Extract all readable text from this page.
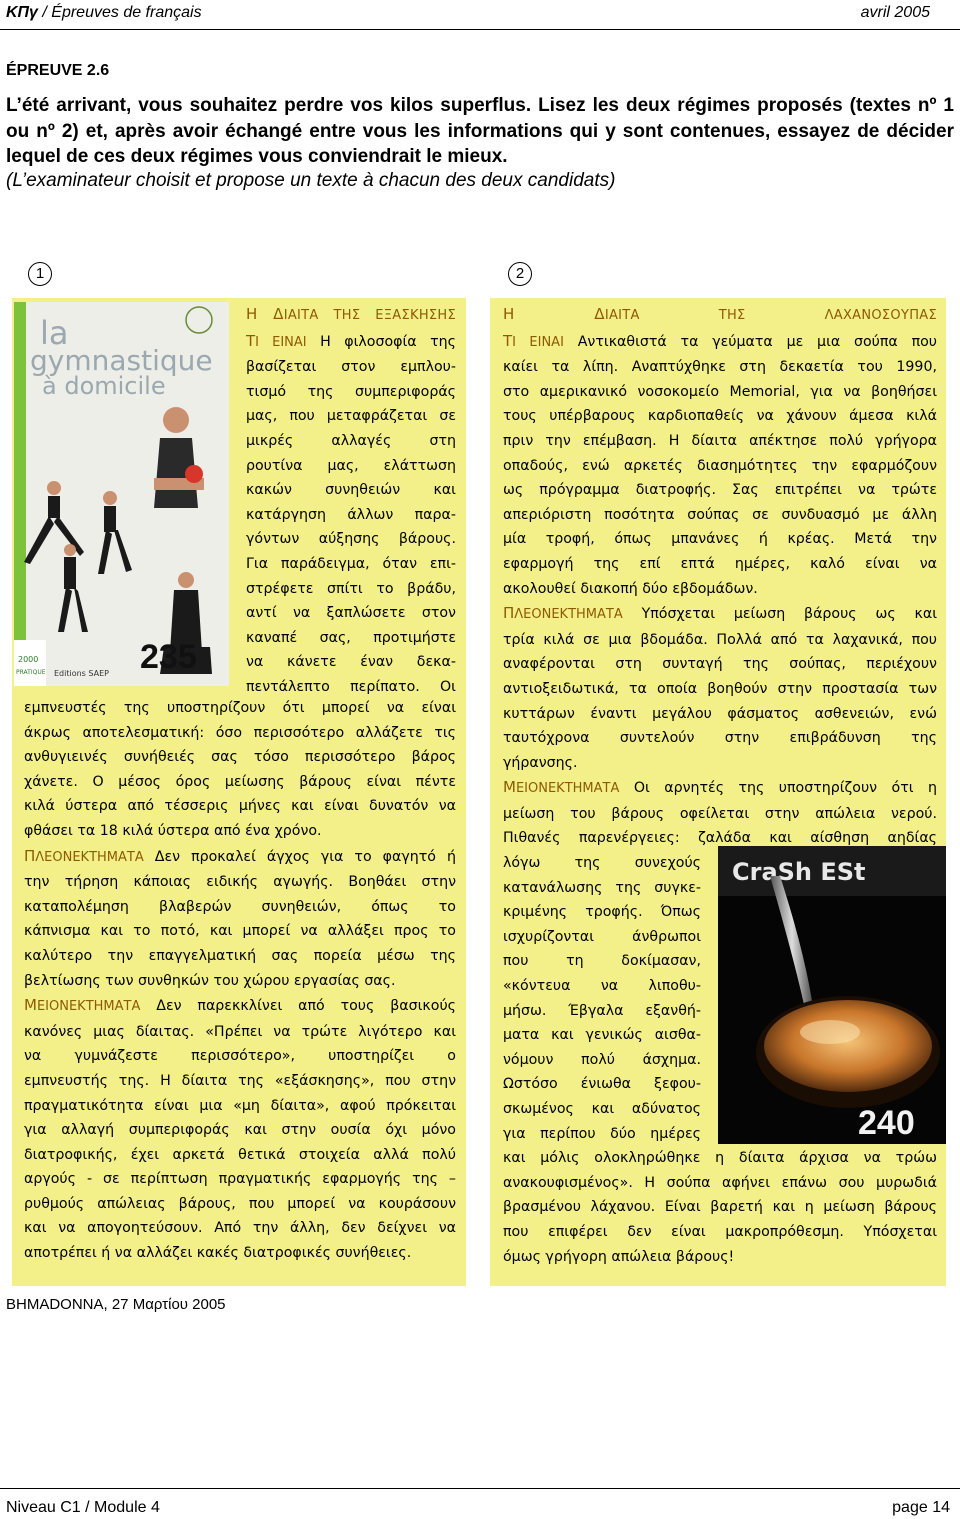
ΚΠγ / Épreuves de français	avril 2005
ÉPREUVE 2.6
L’été arrivant, vous souhaitez perdre vos kilos superflus. Lisez les deux régimes proposés (textes nº 1 ou nº 2) et, après avoir échangé entre vous les informations qui y sont contenues, essayez de décider lequel de ces deux régimes vous conviendrait le mieux.
(L’examinateur choisit et propose un texte à chacun des deux candidats)
1	2
la
gymnastique
à domicile
2000
PRATIQUE Editions SAEP 235
Η ΔΙΑΙΤΑ ΤΗΣ ΕΞΑΣΚΗΣΗΣ
ΤΙ ΕΙΝΑΙ Η φιλοσοφία της
βασίζεται στον εμπλου-
τισμό της συμπεριφοράς
μας, που μεταφράζεται σε
μικρές αλλαγές στη
ρουτίνα μας, ελάττωση
κακών συνηθειών και
κατάργηση άλλων παρα-
γόντων αύξησης βάρους.
Για παράδειγμα, όταν επι-
στρέφετε σπίτι το βράδυ,
αντί να ξαπλώσετε στον
καναπέ σας, προτιμήστε
να κάνετε έναν δεκα-
πεντάλεπτο περίπατο. Οι
εμπνευστές της υποστηρίζουν ότι μπορεί να είναι
άκρως αποτελεσματική: όσο περισσότερο αλλάζετε τις
ανθυγιεινές συνήθειές σας τόσο περισσότερο βάρος
χάνετε. Ο μέσος όρος μείωσης βάρους είναι πέντε
κιλά ύστερα από τέσσερις μήνες και είναι δυνατόν να
φθάσει τα 18 κιλά ύστερα από ένα χρόνο.
ΠΛΕΟΝΕΚΤΗΜΑΤΑ Δεν προκαλεί άγχος για το φαγητό ή
την τήρηση κάποιας ειδικής αγωγής. Βοηθάει στην
καταπολέμηση βλαβερών συνηθειών, όπως το
κάπνισμα και το ποτό, και μπορεί να αλλάξει προς το
καλύτερο την επαγγελματική σας πορεία μέσω της
βελτίωσης των συνθηκών του χώρου εργασίας σας.
ΜΕΙΟΝΕΚΤΗΜΑΤΑ Δεν παρεκκλίνει από τους βασικούς
κανόνες μιας δίαιτας. «Πρέπει να τρώτε λιγότερο και
να γυμνάζεστε περισσότερο», υποστηρίζει ο
εμπνευστής της. Η δίαιτα της «εξάσκησης», που στην
πραγματικότητα είναι μια «μη δίαιτα», αφού πρόκειται
για αλλαγή συμπεριφοράς και στην ουσία όχι μόνο
διατροφικής, έχει αρκετά θετικά στοιχεία αλλά πολύ
αργούς - σε περίπτωση πραγματικής εφαρμογής της –
ρυθμούς απώλειας βάρους, που μπορεί να κουράσουν
και να απογοητεύσουν. Από την άλλη, δεν δείχνει να
αποτρέπει ή να αλλάζει κακές διατροφικές συνήθειες.
Η ΔΙΑΙΤΑ ΤΗΣ ΛΑΧΑΝΟΣΟΥΠΑΣ
ΤΙ ΕΙΝΑΙ Αντικαθιστά τα γεύματα με μια σούπα που
καίει τα λίπη. Αναπτύχθηκε στη δεκαετία του 1990,
στο αμερικανικό νοσοκομείο Memorial, για να βοηθήσει
τους υπέρβαρους καρδιοπαθείς να χάνουν άμεσα κιλά
πριν την επέμβαση. Η δίαιτα απέκτησε πολύ γρήγορα
οπαδούς, ενώ αρκετές διασημότητες την εφαρμόζουν
ως πρόγραμμα διατροφής. Σας επιτρέπει να τρώτε
απεριόριστη ποσότητα σούπας σε συνδυασμό με άλλη
μία τροφή, όπως μπανάνες ή κρέας. Μετά την
εφαρμογή της επί επτά ημέρες, καλό είναι να
ακολουθεί διακοπή δύο εβδομάδων.
ΠΛΕΟΝΕΚΤΗΜΑΤΑ Υπόσχεται μείωση βάρους ως και
τρία κιλά σε μια βδομάδα. Πολλά από τα λαχανικά, που
αναφέρονται στη συνταγή της σούπας, περιέχουν
αντιοξειδωτικά, τα οποία βοηθούν στην προστασία των
κυττάρων έναντι μεγάλου φάσματος ασθενειών, ενώ
ταυτόχρονα συντελούν στην επιβράδυνση της
γήρανσης.
ΜΕΙΟΝΕΚΤΗΜΑΤΑ Οι αρνητές της υποστηρίζουν ότι η
μείωση του βάρους οφείλεται στην απώλεια νερού.
Πιθανές παρενέργειες: ζαλάδα και αίσθηση αηδίας
λόγω της συνεχούς
κατανάλωσης της συγκε-
κριμένης τροφής. Όπως
ισχυρίζονται άνθρωποι
που τη δοκίμασαν,
«κόντευα να λιποθυ-
μήσω. Έβγαλα εξανθή-
ματα και γενικώς αισθα-
νόμουν πολύ άσχημα.
Ωστόσο ένιωθα ξεφου-
σκωμένος και αδύνατος
για περίπου δύο ημέρες
και μόλις ολοκληρώθηκε η δίαιτα άρχισα να τρώω
ανακουφισμένος». Η σούπα αφήνει επάνω σου μυρωδιά
βρασμένου λάχανου. Είναι βαρετή και η μείωση βάρους
που επιφέρει δεν είναι μακροπρόθεσμη. Υπόσχεται
όμως γρήγορη απώλεια βάρους!
CraSh ESt
240
ΒΗΜΑDONNA, 27 Μαρτίου 2005
Niveau C1 / Module 4	page 14
